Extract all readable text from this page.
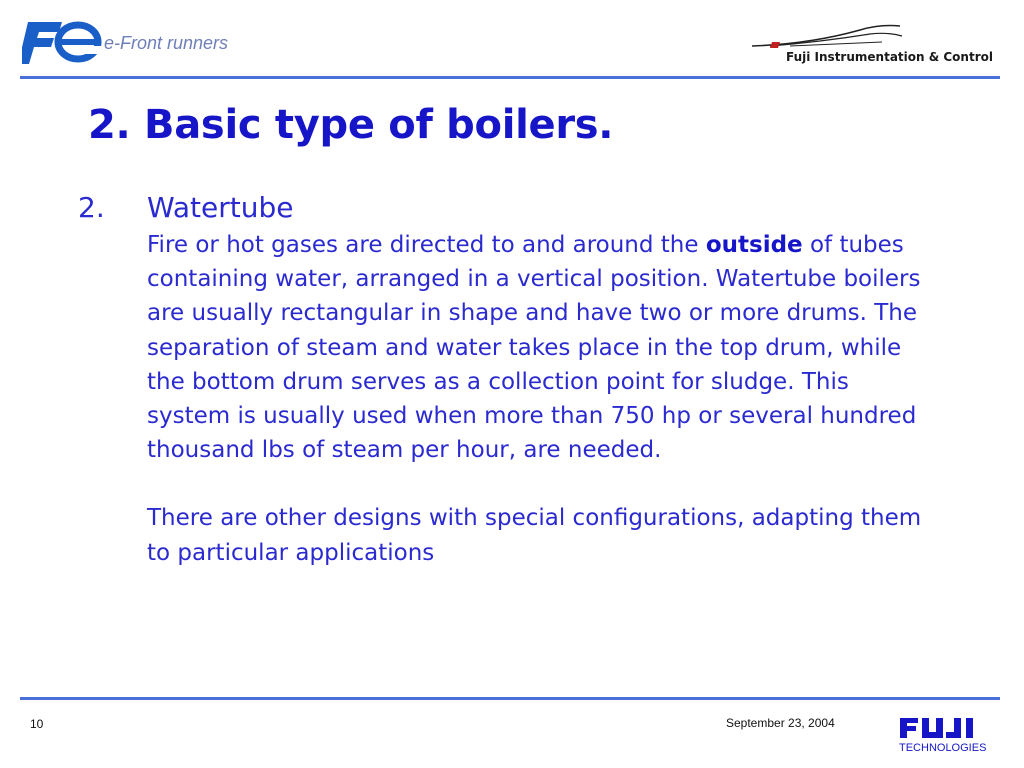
e-Front runners
Fuji Instrumentation & Control
2. Basic type of boilers.
2. Watertube

Fire or hot gases are directed to and around the outside of tubes containing water, arranged in a vertical position. Watertube boilers are usually rectangular in shape and have two or more drums. The separation of steam and water takes place in the top drum, while the bottom drum serves as a collection point for sludge. This system is usually used when more than 750 hp or several hundred thousand lbs of steam per hour, are needed.

There are other designs with special configurations, adapting them to particular applications

10	September 23, 2004
TECHNOLOGIES
